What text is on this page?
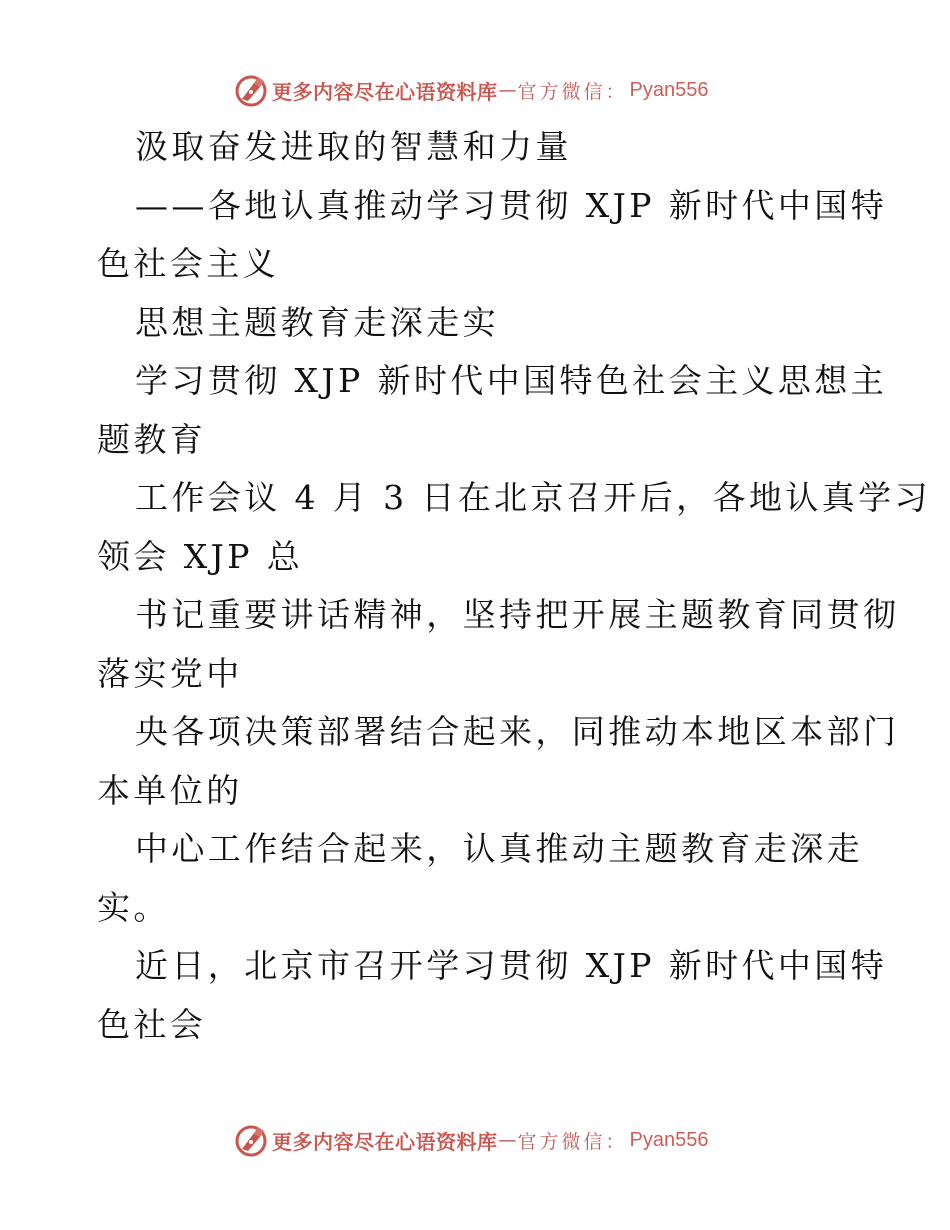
更多内容尽在心语资料库 — 官方微信： Pyan556
汲取奋发进取的智慧和力量
——各地认真推动学习贯彻 XJP 新时代中国特
色社会主义
思想主题教育走深走实
学习贯彻 XJP 新时代中国特色社会主义思想主
题教育
工作会议 4 月 3 日在北京召开后，各地认真学习
领会 XJP 总
书记重要讲话精神，坚持把开展主题教育同贯彻
落实党中
央各项决策部署结合起来，同推动本地区本部门
本单位的
中心工作结合起来，认真推动主题教育走深走
实。
近日，北京市召开学习贯彻 XJP 新时代中国特
色社会
更多内容尽在心语资料库 — 官方微信： Pyan556
